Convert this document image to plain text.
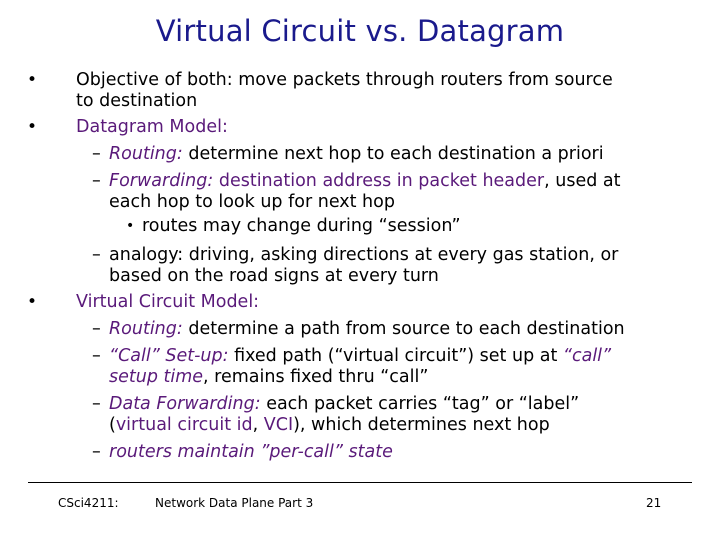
Virtual Circuit vs. Datagram
• Objective of both: move packets through routers from source
to destination
• Datagram Model:
– Routing: determine next hop to each destination a priori
– Forwarding: destination address in packet header, used at
each hop to look up for next hop
• routes may change during “session”
– analogy: driving, asking directions at every gas station, or
based on the road signs at every turn
• Virtual Circuit Model:
– Routing: determine a path from source to each destination
– “Call” Set-up: fixed path (“virtual circuit”) set up at “call”
setup time, remains fixed thru “call”
– Data Forwarding: each packet carries “tag” or “label”
(virtual circuit id, VCI), which determines next hop
– routers maintain ”per-call” state
CSci4211:	Network Data Plane Part 3	21
